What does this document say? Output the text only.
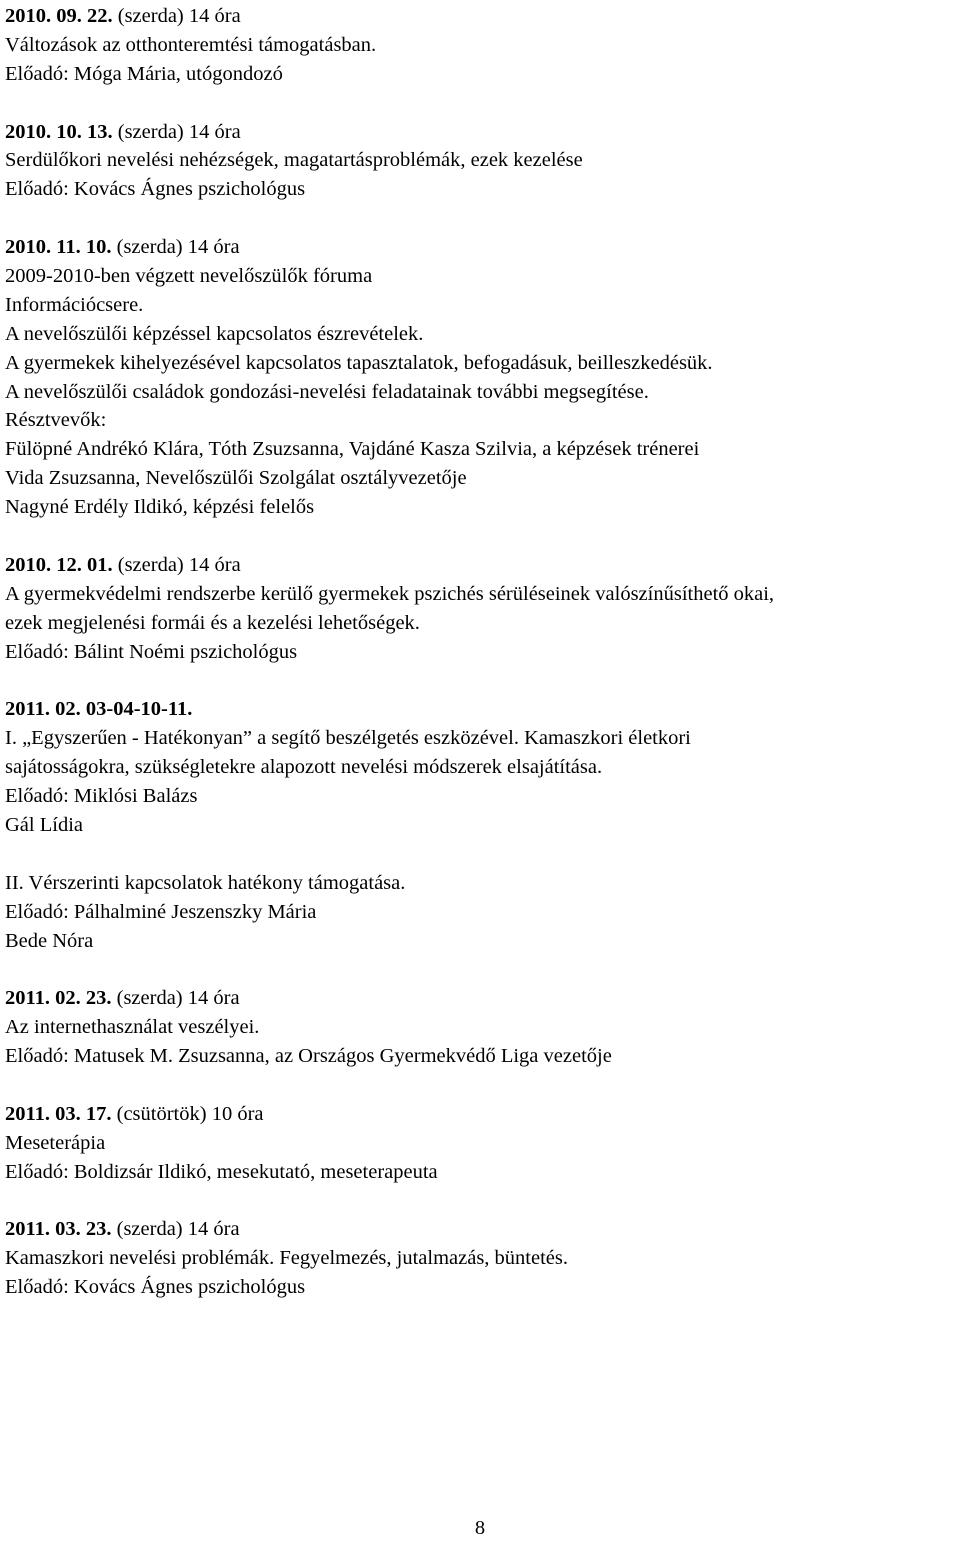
2010. 09. 22. (szerda) 14 óra
Változások az otthonteremtési támogatásban.
Előadó: Móga Mária, utógondozó
2010. 10. 13. (szerda) 14 óra
Serdülőkori nevelési nehézségek, magatartásproblémák, ezek kezelése
Előadó: Kovács Ágnes pszichológus
2010. 11. 10. (szerda) 14 óra
2009-2010-ben végzett nevelőszülők fóruma
Információcsere.
A nevelőszülői képzéssel kapcsolatos észrevételek.
A gyermekek kihelyezésével kapcsolatos tapasztalatok, befogadásuk, beilleszkedésük.
A nevelőszülői családok gondozási-nevelési feladatainak további megsegítése.
Résztvevők:
Fülöpné Andrékó Klára, Tóth Zsuzsanna, Vajdáné Kasza Szilvia, a képzések trénerei
Vida Zsuzsanna, Nevelőszülői Szolgálat osztályvezetője
Nagyné Erdély Ildikó, képzési felelős
2010. 12. 01. (szerda) 14 óra
A gyermekvédelmi rendszerbe kerülő gyermekek pszichés sérüléseinek valószínűsíthető okai,
ezek megjelenési formái és a kezelési lehetőségek.
Előadó: Bálint Noémi pszichológus
2011. 02. 03-04-10-11.
I. „Egyszerűen - Hatékonyan” a segítő beszélgetés eszközével. Kamaszkori életkori
sajátosságokra, szükségletekre alapozott nevelési módszerek elsajátítása.
Előadó: Miklósi Balázs
Gál Lídia
II. Vérszerinti kapcsolatok hatékony támogatása.
Előadó: Pálhalminé Jeszenszky Mária
Bede Nóra
2011. 02. 23. (szerda) 14 óra
Az internethasználat veszélyei.
Előadó: Matusek M. Zsuzsanna, az Országos Gyermekvédő Liga vezetője
2011. 03. 17. (csütörtök) 10 óra
Meseterápia
Előadó: Boldizsár Ildikó, mesekutató, meseterapeuta
2011. 03. 23. (szerda) 14 óra
Kamaszkori nevelési problémák. Fegyelmezés, jutalmazás, büntetés.
Előadó: Kovács Ágnes pszichológus
8
